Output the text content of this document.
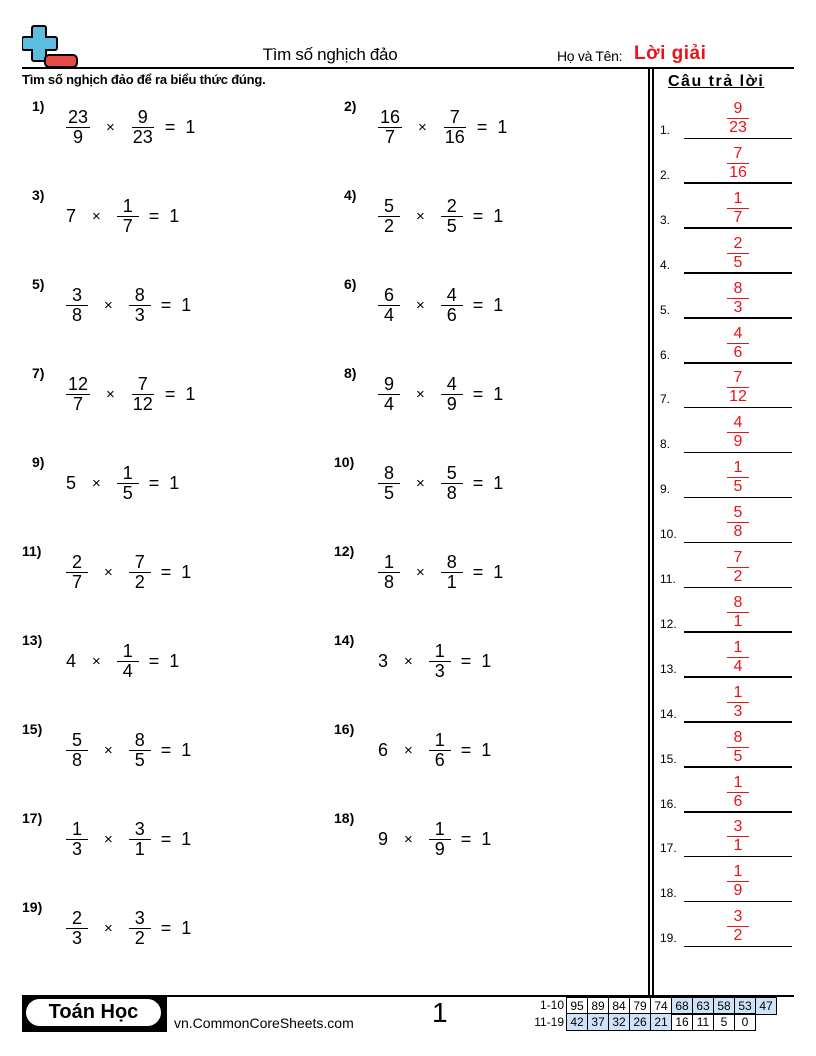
Tìm số nghịch đảo	Họ và Tên: Lời giải
Tìm số nghịch đảo để ra biểu thức đúng.	Câu trả lời
1)
$\frac{23}{9} \times \frac{9}{23} = 1$
2)
$\frac{16}{7} \times \frac{7}{16} = 1$
3)
$7 \times \frac{1}{7} = 1$
4)
$\frac{5}{2} \times \frac{2}{5} = 1$
5)
$\frac{3}{8} \times \frac{8}{3} = 1$
6)
$\frac{6}{4} \times \frac{4}{6} = 1$
7)
$\frac{12}{7} \times \frac{7}{12} = 1$
8)
$\frac{9}{4} \times \frac{4}{9} = 1$
9)
$5 \times \frac{1}{5} = 1$
10)
$\frac{8}{5} \times \frac{5}{8} = 1$
11)
$\frac{2}{7} \times \frac{7}{2} = 1$
12)
$\frac{1}{8} \times \frac{8}{1} = 1$
13)
$4 \times \frac{1}{4} = 1$
14)
$3 \times \frac{1}{3} = 1$
15)
$\frac{5}{8} \times \frac{8}{5} = 1$
16)
$6 \times \frac{1}{6} = 1$
17)
$\frac{1}{3} \times \frac{3}{1} = 1$
18)
$9 \times \frac{1}{9} = 1$
19)
$\frac{2}{3} \times \frac{3}{2} = 1$
1.	$\frac{9}{23}$
2.	$\frac{7}{16}$
3.	$\frac{1}{7}$
4.	$\frac{2}{5}$
5.	$\frac{8}{3}$
6.	$\frac{4}{6}$
7.	$\frac{7}{12}$
8.	$\frac{4}{9}$
9.	$\frac{1}{5}$
10.	$\frac{5}{8}$
11.	$\frac{7}{2}$
12.	$\frac{8}{1}$
13.	$\frac{1}{4}$
14.	$\frac{1}{3}$
15.	$\frac{8}{5}$
16.	$\frac{1}{6}$
17.	$\frac{3}{1}$
18.	$\frac{1}{9}$
19.	$\frac{3}{2}$
Toán Học	vn.CommonCoreSheets.com	1	1-10 95 89 84 79 74 68 63 58 53 47
11-19 42 37 32 26 21 16 11 5	0
